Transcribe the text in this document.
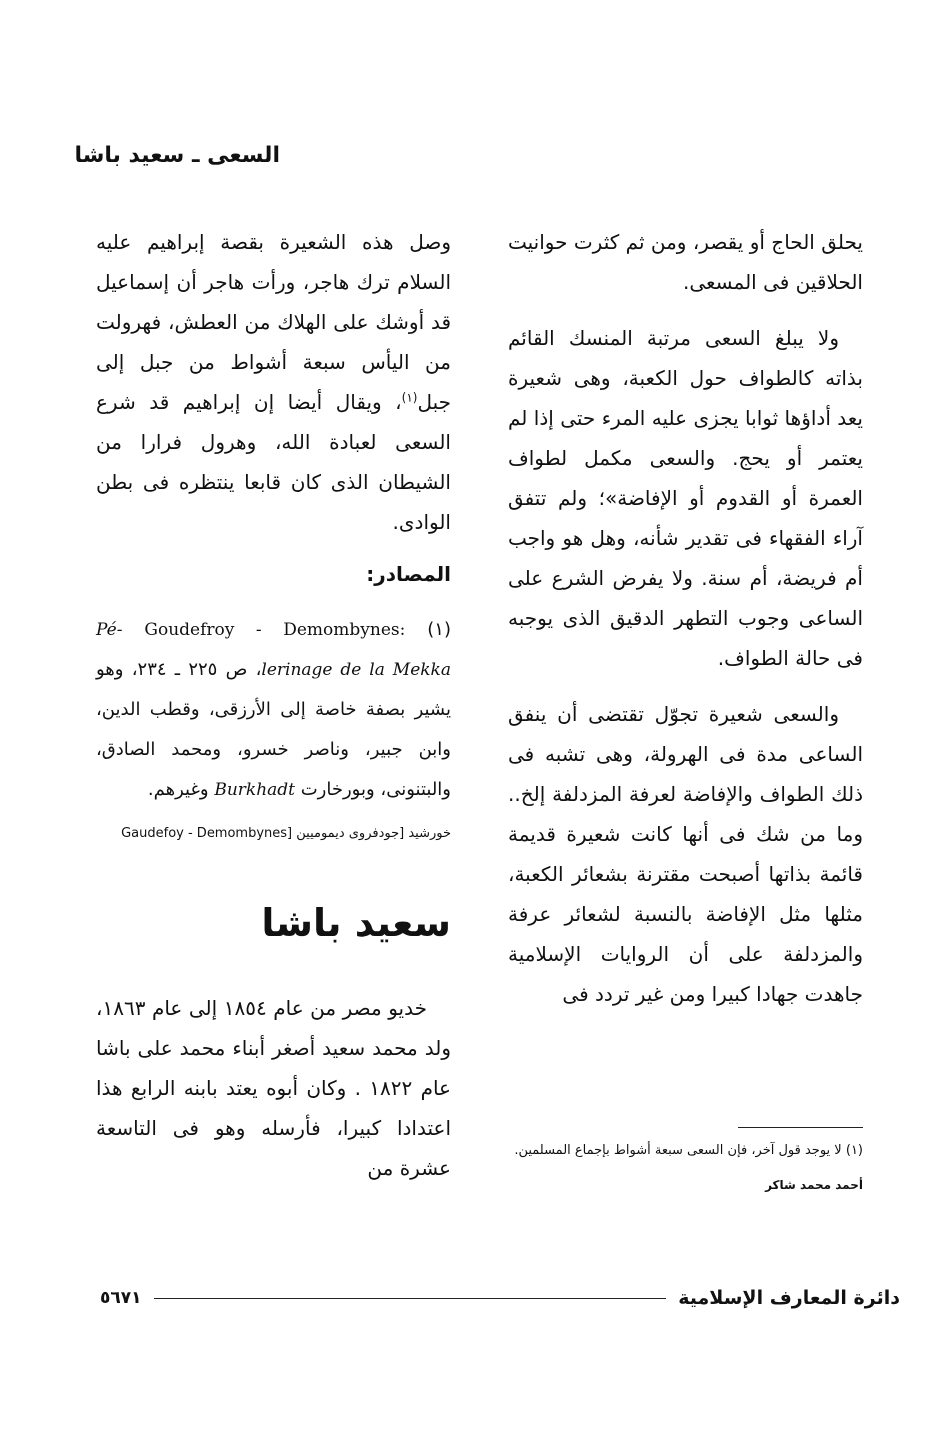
السعى ـ سعيد باشا

يحلق الحاج أو يقصر، ومن ثم كثرت حوانيت الحلاقين فى المسعى.

ولا يبلغ السعى مرتبة المنسك القائم بذاته كالطواف حول الكعبة، وهى شعيرة يعد أداؤها ثوابا يجزى عليه المرء حتى إذا لم يعتمر أو يحج. والسعى مكمل لطواف العمرة أو القدوم أو الإفاضة»؛ ولم تتفق آراء الفقهاء فى تقدير شأنه، وهل هو واجب أم فريضة، أم سنة. ولا يفرض الشرع على الساعى وجوب التطهر الدقيق الذى يوجبه فى حالة الطواف.

والسعى شعيرة تجوّل تقتضى أن ينفق الساعى مدة فى الهرولة، وهى تشبه فى ذلك الطواف والإفاضة لعرفة المزدلفة إلخ.. وما من شك فى أنها كانت شعيرة قديمة قائمة بذاتها أصبحت مقترنة بشعائر الكعبة، مثلها مثل الإفاضة بالنسبة لشعائر عرفة والمزدلفة على أن الروايات الإسلامية جاهدت جهادا كبيرا ومن غير تردد فى

(١) لا يوجد قول آخر، فإن السعى سبعة أشواط بإجماع المسلمين.
أحمد محمد شاكر

وصل هذه الشعيرة بقصة إبراهيم عليه السلام ترك هاجر، ورأت هاجر أن إسماعيل قد أوشك على الهلاك من العطش، فهرولت من اليأس سبعة أشواط من جبل إلى جبل$^{(١)}$، ويقال أيضا إن إبراهيم قد شرع السعى لعبادة الله، وهرول فرارا من الشيطان الذى كان قابعا ينتظره فى بطن الوادى.

المصادر:

(١) Goudefroy - Demombynes: Pé- lerinage de la Mekka، ص ٢٢٥ ـ ٢٣٤، وهو يشير بصفة خاصة إلى الأرزقى، وقطب الدين، وابن جبير، وناصر خسرو، ومحمد الصادق، والبتنونى، وبورخارت Burkhadt وغيرهم.

خورشيد [جودفروى ديموميين Gaudefoy - Demombynes]

سعيد باشا

خديو مصر من عام ١٨٥٤ إلى عام ١٨٦٣، ولد محمد سعيد أصغر أبناء محمد على باشا عام ١٨٢٢ . وكان أبوه يعتد بابنه الرابع هذا اعتدادا كبيرا، فأرسله وهو فى التاسعة عشرة من

دائرة المعارف الإسلامية
٥٦٧١
